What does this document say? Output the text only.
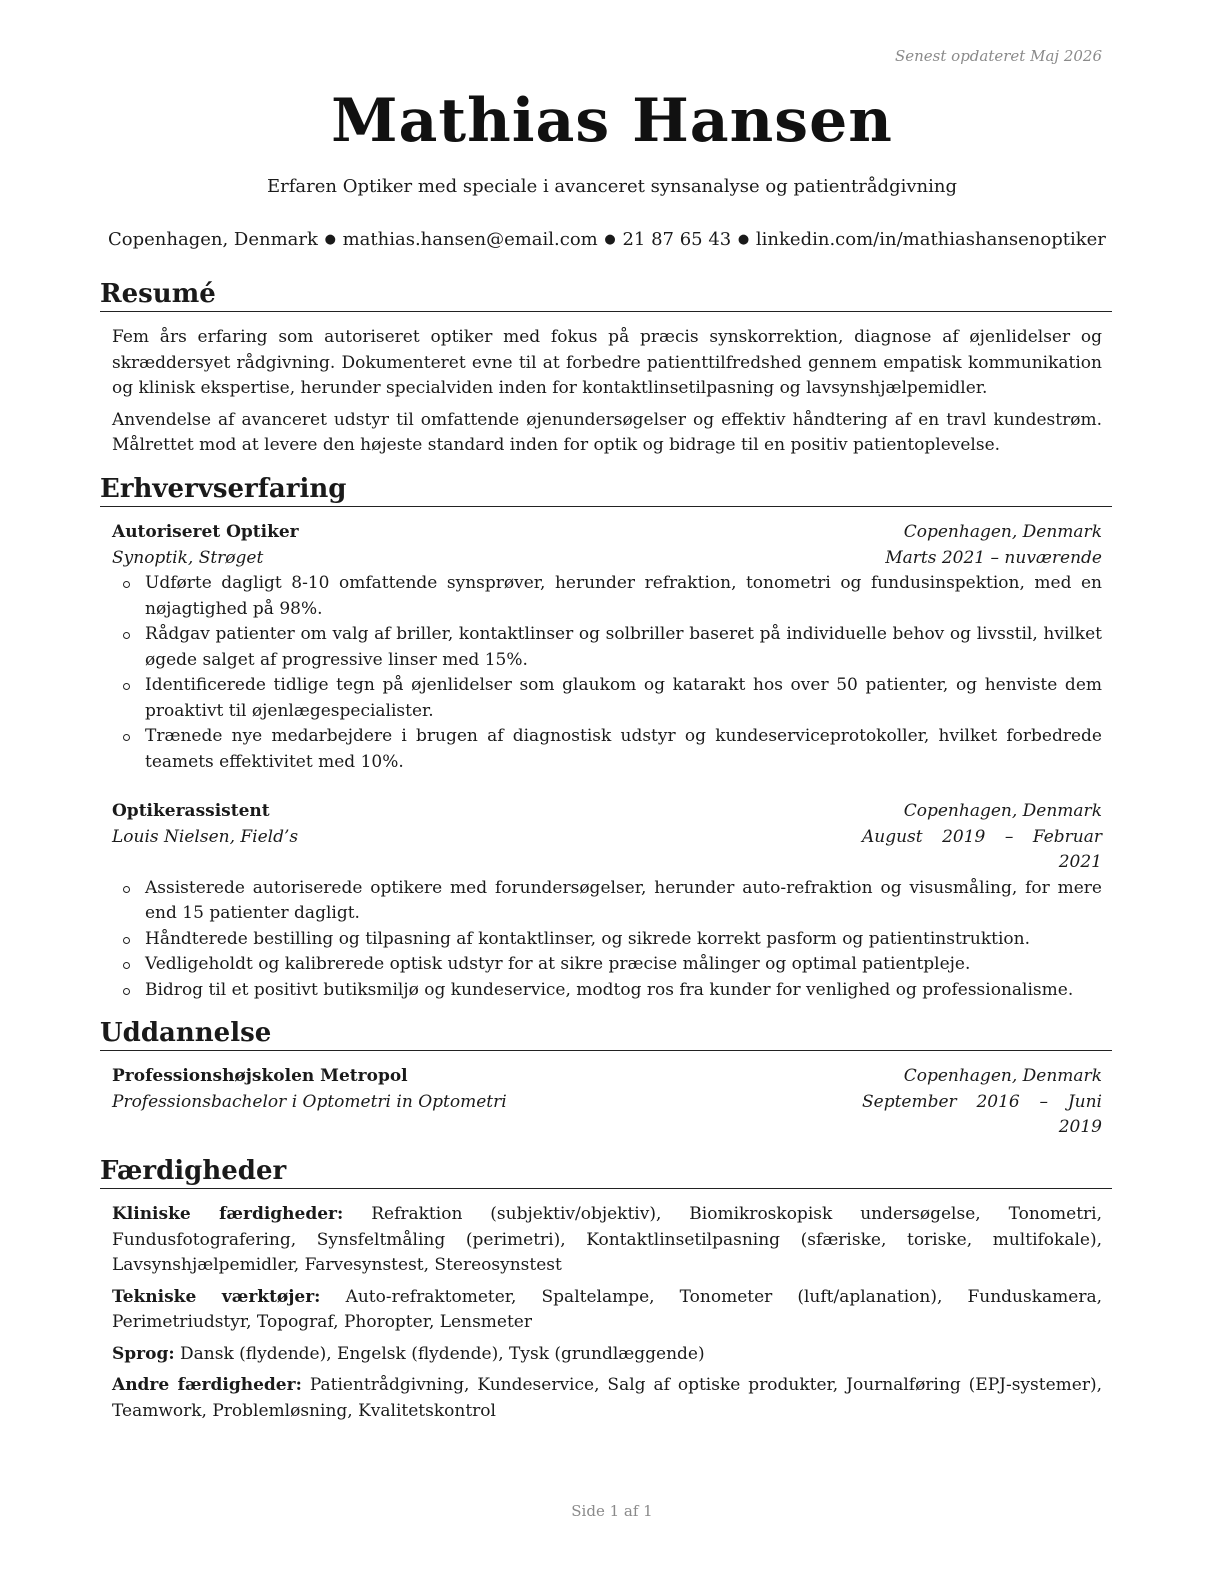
Senest opdateret Maj 2026
Mathias Hansen
Erfaren Optiker med speciale i avanceret synsanalyse og patientrådgivning
Copenhagen, Denmark ● mathias.hansen@email.com ● 21 87 65 43 ● linkedin.com/in/mathiashansenoptiker
Resumé

Fem års erfaring som autoriseret optiker med fokus på præcis synskorrektion, diagnose af øjenlidelser og skræddersyet rådgivning. Dokumenteret evne til at forbedre patienttilfredshed gennem empatisk kommunikation og klinisk ekspertise, herunder specialviden inden for kontaktlinsetilpasning og lavsynshjælpemidler.

Anvendelse af avanceret udstyr til omfattende øjenundersøgelser og effektiv håndtering af en travl kundestrøm. Målrettet mod at levere den højeste standard inden for optik og bidrage til en positiv patientoplevelse.

Erhvervserfaring
Autoriseret Optiker	Copenhagen, Denmark
Synoptik, Strøget	Marts 2021 – nuværende
Udførte dagligt 8-10 omfattende synsprøver, herunder refraktion, tonometri og fundusinspektion, med en nøjagtighed på 98%.
Rådgav patienter om valg af briller, kontaktlinser og solbriller baseret på individuelle behov og livsstil, hvilket øgede salget af progressive linser med 15%.
Identificerede tidlige tegn på øjenlidelser som glaukom og katarakt hos over 50 patienter, og henviste dem proaktivt til øjenlægespecialister.
Trænede nye medarbejdere i brugen af diagnostisk udstyr og kundeserviceprotokoller, hvilket forbedrede teamets effektivitet med 10%.
Optikerassistent	Copenhagen, Denmark
Louis Nielsen, Field’s	August 2019 – Februar 2021
Assisterede autoriserede optikere med forundersøgelser, herunder auto-refraktion og visusmåling, for mere end 15 patienter dagligt.
Håndterede bestilling og tilpasning af kontaktlinser, og sikrede korrekt pasform og patientinstruktion.
Vedligeholdt og kalibrerede optisk udstyr for at sikre præcise målinger og optimal patientpleje.
Bidrog til et positivt butiksmiljø og kundeservice, modtog ros fra kunder for venlighed og professionalisme.
Uddannelse
Professionshøjskolen Metropol	Copenhagen, Denmark
Professionsbachelor i Optometri in Optometri	September 2016 – Juni 2019
Færdigheder

Kliniske færdigheder: Refraktion (subjektiv/objektiv), Biomikroskopisk undersøgelse, Tonometri, Fundusfotografering, Synsfeltmåling (perimetri), Kontaktlinsetilpasning (sfæriske, toriske, multifokale), Lavsynshjælpemidler, Farvesynstest, Stereosynstest

Tekniske værktøjer: Auto-refraktometer, Spaltelampe, Tonometer (luft/aplanation), Funduskamera, Perimetriudstyr, Topograf, Phoropter, Lensmeter

Sprog: Dansk (flydende), Engelsk (flydende), Tysk (grundlæggende)

Andre færdigheder: Patientrådgivning, Kundeservice, Salg af optiske produkter, Journalføring (EPJ-systemer), Teamwork, Problemløsning, Kvalitetskontrol

Side 1 af 1
